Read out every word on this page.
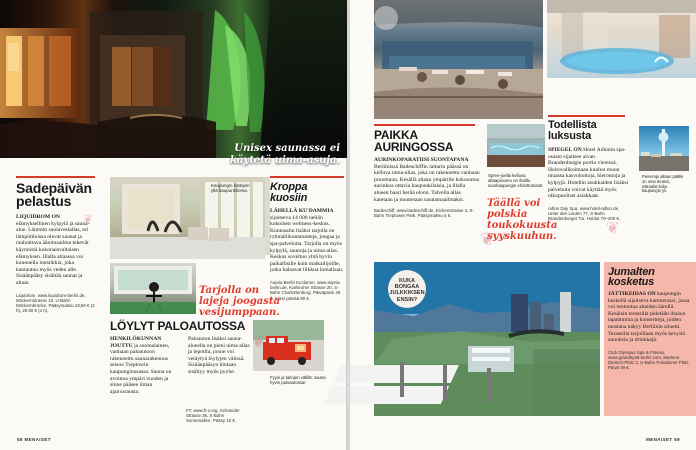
Unisex saunassa ei käytetä uima-asuja.
Sadepäivän
pelastus
LIQUIDROM ON elämyksellinen kylpylä ja sauna-alue. Lämmin suolavesiallas, eri lämpötiloissa olevat saunat ja rauhoittava äänimaailma tekevät käynnistä kokonaisvaltaisen elämyksen. Illalla altaassa voi kuunnella musiikkia, joka kantautuu myös veden alle. Sisäänpääsy sisältää saunat ja altaat.
Liquidrom, www.liquidrom-berlin.de, Möckernstrasse 10, U-Bahn Möckernbrücke. Pääsymaksu 19,50 € (2 h), 29,50 € (4 h).
Kaupungin kattojen yllä kaupunkiloma. Kroppa kuosiin
LÄHELLÄ KU'DAMMIA sijaitseva 14 000 neliön kokoinen wellness-keskus. Kuntosalin lisäksi tarjolla on ryhmäliikuntatunteja, joogaa ja spa-palveluita. Tarjolla on myös kylpylä, saunoja ja uima-allas. Keskus soveltuu yhtä hyvin paikallisille kuin matkailijoille, jotka haluavat liikkua lomallaan.
Aspria Berlin Ku'damm, www.aspria-berlin.de, Karlsruher Strasse 20, S-Bahn Charlottenburg. Päiväpassi 49 €, kaksi päivää 90 €.
Tarjolla on lajeja joogasta vesijumppaan.
LÖYLYT PALOAUTOSSA
HENKILÖKUNNAN JOUTTU ja suomalainen, vanhaan paloautoon rakennettu saunarakennus seisoo Treptowin kaupunginosassa. Sauna on avoinna ympäri vuoden ja sinne pääsee ilman ajanvarausta.
Paloauton lisäksi sauna-alueella on pieni uima-allas ja lepotila, jonne voi vetäytyä löylyjen välissä. Sisäänpääsyn hintaan sisältyy myös pyyhe.
FT: www.ft-x.org, Schneider Strasse 36, S-Bahn Sonnenallee. Pääsy 10 €.
Fyysi ja taitojen välillä; sauna hyvin paloautossa!
❦
❦
58 MENAISET
PAIKKA AURINGOSSA
AURINKOPARATIISI SUONTAPANA Berliinissä Badeschiffin laiturin päässä on kelluva uima-allas, joka on rakennettu vanhaan proomuun. Kesällä altaan ympärille kokoontuu aurinkoa ottavia kaupunkilaisia, ja illalla alueen baari herää eloon. Talvella allas katetaan ja muutetaan saunamaailmaksi.
Badeschiff, www.badeschiff.de, Eichenstrasse 4, S-Bahn Treptower Park. Pääsymaksu 5 €.
Spree-joella kelluva altaaproomu on ihailtu suurkaupungin ehdottomasti.
Täällä voi polskia toukokuusta syyskuuhun.
Todellista luksusta
SPIEGEL ON Hotel Adlonin spa-osasto sijaitsee aivan Brandenburgin portin vieressä. Hoitovalikoimaan kuuluu muun muassa kasvohoitoja, hierontoja ja kylpyjä. Hotellin asukkaiden lisäksi palveluita voivat käyttää myös ulkopuoliset asiakkaat.
Adlon Day Spa, www.hotel-adlon.de, Unter den Linden 77, S-Bahn Brandenburger Tor. Hoidot 70–200 €.
Pienempi altaan päälle on oma terassi, näköalat koko kaupungin yli.
KUKA BONGAA JULKKIKSEN ENSIN?
Jumalten
kosketus
JÄTTIKEIDAS ON kaupungin keskellä sijaitseva kattoterassi, jossa voi rentoutua altaiden äärellä. Kesäisin terassilla pidetään iltaisin tapahtumia ja konsertteja, joiden taustana näkyy Berliinin siluetti. Terassilla tarjoillaan myös kevyitä annoksia ja drinkkejä.
Club Olympus Spa & Fitness, www.grandhyatt-berlin.com, Marlene-Dietrich-Platz 2, U-Bahn Potsdamer Platz. Päivä 49 €.
❦
❦
MENAISET 59
